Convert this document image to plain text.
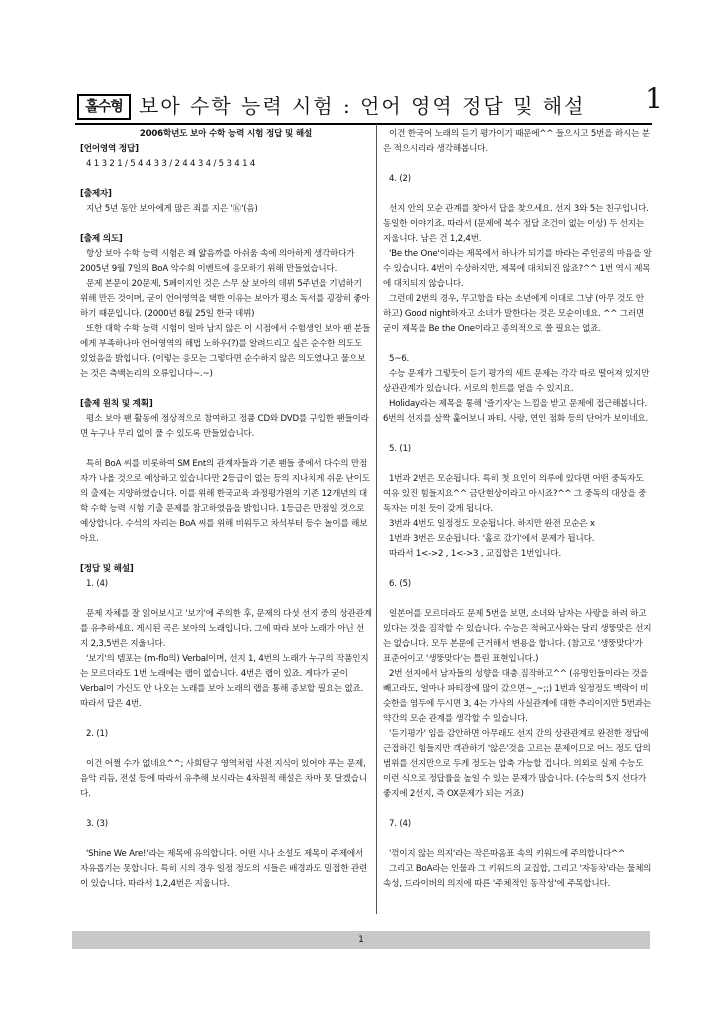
홀수형 보아 수학 능력 시험 : 언어 영역 정답 및 해설 1

2006학년도 보아 수학 능력 시험 정답 및 해설

[언어영역 정답]

4 1 3 2 1 / 5 4 4 3 3 / 2 4 4 3 4 / 5 3 4 1 4

[출제자]

지난 5년 동안 보아에게 많은 죄를 지은 'Ⓚ'(음)

[출제 의도]

항상 보아 수학 능력 시험은 왜 얇음까를 아쉬움 속에 의아하게 생각하다가 2005년 9월 7일의 BoA 악수회 이벤트에 응모하기 위해 만들었습니다.

문제 본문이 20문제, 5페이지인 것은 스무 살 보아의 데뷔 5주년을 기념하기 위해 만든 것이며, 굳이 언어영역을 택한 이유는 보아가 평소 독서를 굉장히 좋아하기 때문입니다. (2000년 8월 25일 한국 데뷔)

또한 대학 수학 능력 시험이 얼마 남지 않은 이 시점에서 수험생인 보아 팬 분들에게 부족하나마 언어영역의 해법 노하우(?)를 알려드리고 싶은 순수한 의도도 있었음을 밝힙니다. (이렇는 응모는 그렇다면 순수하지 않은 의도였냐고 물으보는 것은 측백논리의 오류입니다~.~)

[출제 원칙 및 계획]

평소 보아 팬 활동에 정상적으로 참여하고 정품 CD와 DVD를 구입한 팬들이라면 누구나 무리 없이 풀 수 있도록 만들었습니다.

특히 BoA 씨를 비롯하여 SM Ent의 관계자들과 기존 팬들 중에서 다수의 만점자가 나올 것으로 예상하고 있습니다만 2등급이 없는 등의 지나치게 쉬운 난이도의 출제는 지양하였습니다. 이를 위해 한국교육 과정평가원의 기존 12개년의 대학 수학 능력 시험 기출 문제를 참고하였음을 밝힙니다. 1등급은 만점일 것으로 예상합니다. 수석의 자리는 BoA 씨를 위해 비워두고 차석부터 등수 놀이를 해보아요.

[정답 및 해설]

1. (4)

문제 자체를 잘 읽어보시고 '보기'에 주의한 후, 문제의 다섯 선지 중의 상관관계를 유추하세요. 게시된 곡은 보아의 노래입니다. 그에 따라 보아 노래가 아닌 선지 2,3,5번은 지울니다.

'보기'의 템포는 (m-flo의) Verbal이며, 선지 1, 4번의 노래가 누구의 작품인지는 모르더라도 1번 노래에는 랩이 없습니다. 4번은 랩이 있죠. 게다가 굳이 Verbal이 가신도 안 나오는 노래를 보아 노래의 랩을 통해 종보할 필요는 없죠. 따라서 답은 4번.

2. (1)

이건 어쩔 수가 없네요^^; 사회탐구 영역처럼 사전 지식이 있어야 푸는 문제,음악 리듬, 전설 등에 따라서 유추해 보시라는 4차원적 해설은 차마 못 달겠습니다.

3. (3)

'Shine We Are!'라는 제목에 유의합니다. 어떤 시나 소설도 제목이 주제에서 자유롭기는 못합니다. 특히 시의 경우 일정 정도의 시들은 배경과도 밀접한 관련이 있습니다. 따라서 1,2,4번은 지웁니다.

이건 한국어 노래의 듣기 평가이기 때문에^^ 들으시고 5번을 하시는 분은 적으시리라 생각해봅니다.

4. (2)

선지 안의 모순 관계를 찾아서 답을 찾으세요. 선지 3와 5는 친구입니다. 동일한 이야기죠. 따라서 (문제에 복수 정답 조건이 없는 이상) 두 선지는 지웁니다. 남은 건 1,2,4번.

'Be the One'이라는 제목에서 하나가 되기를 바라는 주인공의 마음을 알 수 있습니다. 4번이 수상하지만, 제목에 대치되진 않죠?^^ 1번 역시 제목에 대치되지 않습니다.

그런데 2번의 경우, 무고함을 타는 소년에게 이대로 그냥 (아무 것도 안 하고) Good night하자고 소녀가 말한다는 것은 모순이네요. ^^ 그러면 굳이 제목을 Be the One이라고 종의적으로 쓸 필요는 없죠.

5~6.

수능 문제가 그렇듯이 듣기 평가의 세트 문제는 각각 따로 떨어져 있지만 상관관계가 있습니다. 서로의 힌트를 얻을 수 있지요.

Holiday라는 제목을 통해 '즐기자'는 느낌을 받고 문제에 접근해봅니다. 6번의 선지를 살짝 훑어보니 파티, 사랑, 연인 점화 등의 단어가 보이네요.

5. (1)

1번과 2번은 모순됩니다. 특히 첫 요인이 의루에 있다면 어떤 중독자도 여유 있진 힘들지요^^ 금단현상이라고 아시죠?^^ 그 중독의 대상을 중독자는 미친 듯이 갖게 됩니다.

3번과 4번도 일정정도 모순됩니다. 하지만 완전 모순은 x

1번과 3번은 모순됩니다. '홀로 갔기'에서 문제가 됩니다.

따라서 1<->2 , 1<->3 , 교집합은 1번입니다.

6. (5)

일본어를 모르더라도 문제 5번을 보면, 소녀와 남자는 사랑을 하려 하고 있다는 것을 짐작할 수 있습니다. 수능은 적혀고사와는 달리 생뚱맞은 선지는 없습니다. 모두 본문에 근거해서 변용을 합니다. (참고로 '생뚱맞다'가 표준어이고 '생뚱맞다'는 틀린 표현입니다.)

2번 선지에서 남자들의 성향을 대충 짐작하고^^ (유명인들이라는 것을 빼고라도, 얼마나 파티장에 많이 갔으면~_~;;) 1번과 일정정도 맥락이 비슷한을 염두에 두시면 3, 4는 가사의 사실관계에 대한 추리이지만 5번과는 약간의 모순 관계를 생각할 수 있습니다.

'듣기평가' 임을 감안하면 아무래도 선지 간의 상관관계로 완전한 정답에 근접하긴 힘들지만 객관하기 '않은'것을 고르는 문제이므로 어느 정도 답의 범위를 선지만으로 두게 정도는 압축 가능할 겁니다. 의외로 실제 수능도 이런 식으로 정답률을 높일 수 있는 문제가 많습니다. (수능의 5지 선다가 좋지에 2선지, 즉 OX문제가 되는 거죠)

7. (4)

'꺾이지 않는 의지'라는 작은따옴표 속의 키워드에 주의합니다^^

그리고 BoA라는 인물과 그 키워드의 교집합, 그리고 '자동차'라는 물체의 속성, 드라이버의 의지에 따른 '주체적인 동작성'에 주목합니다.

1
